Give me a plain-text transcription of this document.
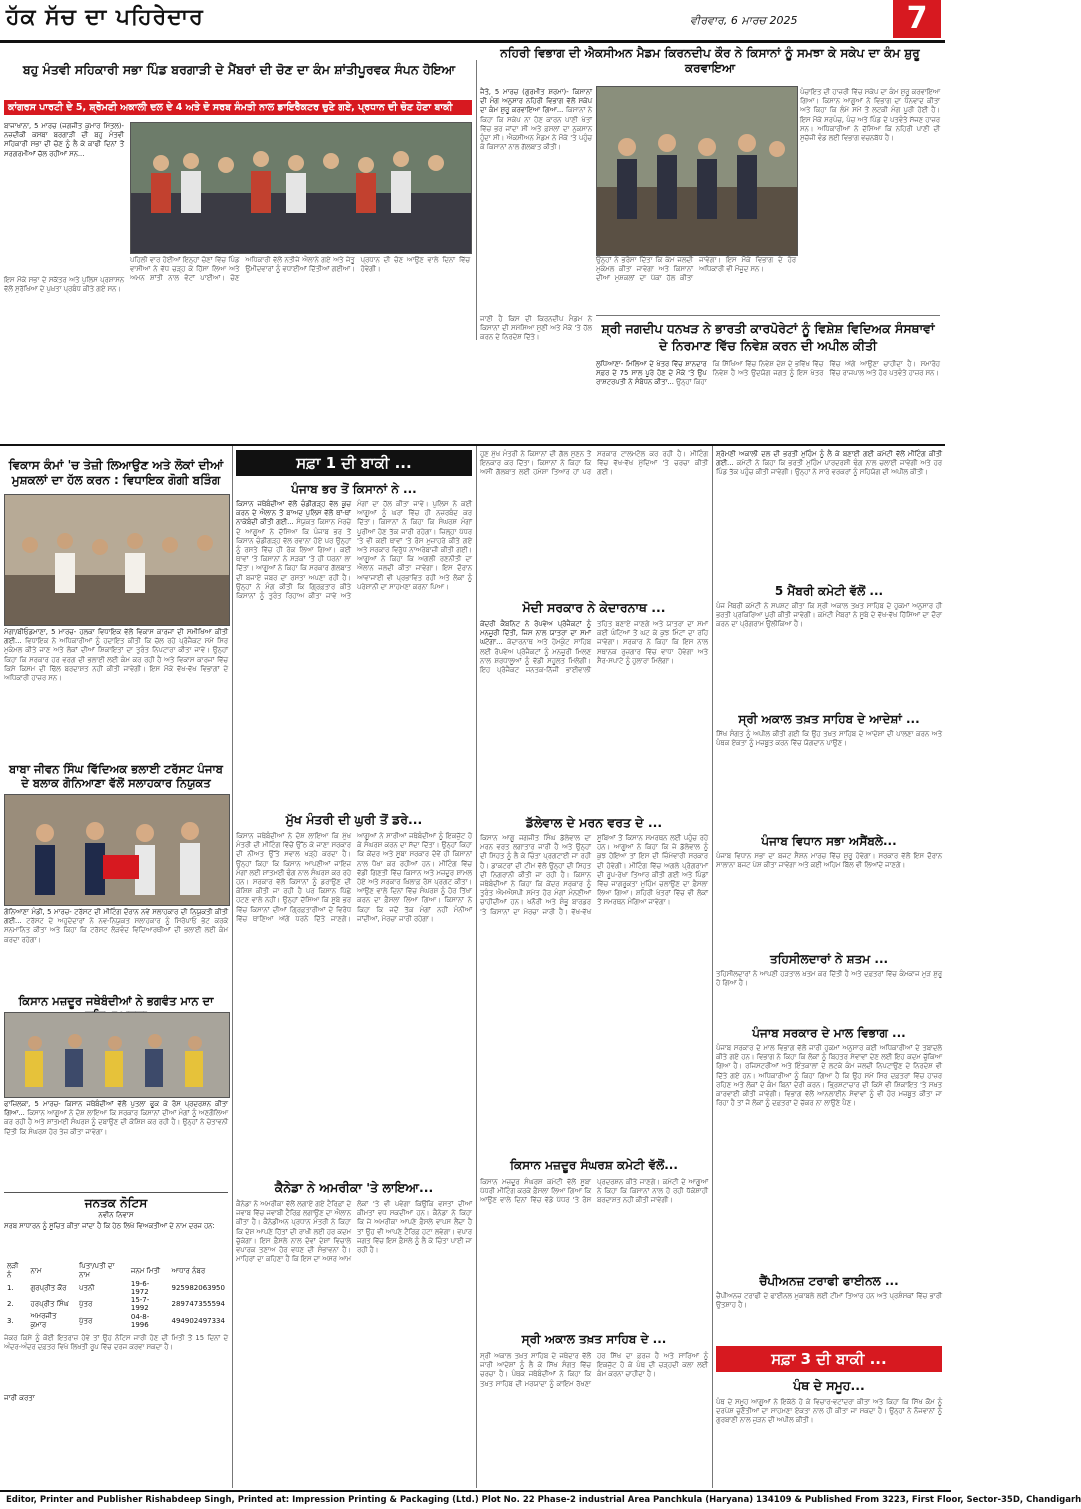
ਹੱਕ ਸੱਚ ਦਾ ਪਹਿਰੇਦਾਰ	ਵੀਰਵਾਰ, 6 ਮਾਰਚ 2025	7
ਬਹੁ ਮੰਤਵੀ ਸਹਿਕਾਰੀ ਸਭਾ ਪਿੰਡ ਬਰਗਾੜੀ ਦੇ ਮੈਂਬਰਾਂ ਦੀ ਚੋਣ ਦਾ ਕੰਮ ਸ਼ਾਂਤੀਪੂਰਵਕ ਸੰਪਨ ਹੋਇਆ
ਕਾਂਗਰਸ ਪਾਰਟੀ ਦੇ 5, ਸ਼੍ਰੋਮਣੀ ਅਕਾਲੀ ਦਲ ਦੇ 4 ਅਤੇ ਦੋ ਸਰਬ ਸੰਮਤੀ ਨਾਲ ਡਾਇਰੈਕਟਰ ਚੁਣੇ ਗਏ, ਪ੍ਰਧਾਨ ਦੀ ਚੋਣ ਹੋਣਾ ਬਾਕੀ
ਬਾਜਾਖਾਨਾ, 5 ਮਾਰਚ (ਜਗਜੀਤ ਕੁਮਾਰ ਮਿੱਤਲ)- ਨਜ਼ਦੀਕੀ ਕਸਬਾ ਬਰਗਾੜੀ ਦੀ ਬਹੁ ਮੰਤਵੀ ਸਹਿਕਾਰੀ ਸਭਾ ਦੀ ਚੋਣ ਨੂੰ ਲੈ ਕੇ ਕਾਫੀ ਦਿਨਾਂ ਤੋਂ ਸਰਗਰਮੀਆਂ ਚੱਲ ਰਹੀਆਂ ਸਨ...
ਪਹਿਲੀ ਵਾਰ ਹੋਈਆਂ ਇਨ੍ਹਾਂ ਚੋਣਾਂ ਵਿੱਚ ਪਿੰਡ ਵਾਸੀਆਂ ਨੇ ਵੱਧ ਚੜ੍ਹ ਕੇ ਹਿੱਸਾ ਲਿਆ ਅਤੇ ਅਮਨ ਸ਼ਾਂਤੀ ਨਾਲ ਵੋਟਾਂ ਪਾਈਆਂ। ਚੋਣ ਅਧਿਕਾਰੀ ਵੱਲੋਂ ਨਤੀਜੇ ਐਲਾਨੇ ਗਏ ਅਤੇ ਜੇਤੂ ਉਮੀਦਵਾਰਾਂ ਨੂੰ ਵਧਾਈਆਂ ਦਿੱਤੀਆਂ ਗਈਆਂ। ਪ੍ਰਧਾਨ ਦੀ ਚੋਣ ਆਉਣ ਵਾਲੇ ਦਿਨਾਂ ਵਿੱਚ ਹੋਵੇਗੀ।
ਇਸ ਮੌਕੇ ਸਭਾ ਦੇ ਸਕੱਤਰ ਅਤੇ ਪੁਲਿਸ ਪ੍ਰਸ਼ਾਸਨ ਵੱਲੋਂ ਸੁਰੱਖਿਆ ਦੇ ਪੁਖ਼ਤਾ ਪ੍ਰਬੰਧ ਕੀਤੇ ਗਏ ਸਨ।
ਨਹਿਰੀ ਵਿਭਾਗ ਦੀ ਐਕਸੀਅਨ ਮੈਡਮ ਕਿਰਨਦੀਪ ਕੌਰ ਨੇ ਕਿਸਾਨਾਂ ਨੂੰ ਸਮਝਾ ਕੇ ਸਕੇਪ ਦਾ ਕੰਮ ਸ਼ੁਰੂ ਕਰਵਾਇਆ
ਜੈਤੋ, 5 ਮਾਰਚ (ਗੁਰਮੀਤ ਸ਼ਰਮਾ)- ਕਿਸਾਨਾਂ ਦੀ ਮੰਗ ਅਨੁਸਾਰ ਨਹਿਰੀ ਵਿਭਾਗ ਵੱਲੋਂ ਸਕੇਪ ਦਾ ਕੰਮ ਸ਼ੁਰੂ ਕਰਵਾਇਆ ਗਿਆ... ਕਿਸਾਨਾਂ ਨੇ ਕਿਹਾ ਕਿ ਸਕੇਪ ਨਾ ਹੋਣ ਕਾਰਨ ਪਾਣੀ ਖੇਤਾਂ ਵਿੱਚ ਭਰ ਜਾਂਦਾ ਸੀ ਅਤੇ ਫ਼ਸਲਾਂ ਦਾ ਨੁਕਸਾਨ ਹੁੰਦਾ ਸੀ। ਐਕਸੀਅਨ ਮੈਡਮ ਨੇ ਮੌਕੇ 'ਤੇ ਪਹੁੰਚ ਕੇ ਕਿਸਾਨਾਂ ਨਾਲ ਗੱਲਬਾਤ ਕੀਤੀ।
ਉਨ੍ਹਾਂ ਨੇ ਭਰੋਸਾ ਦਿੱਤਾ ਕਿ ਕੰਮ ਜਲਦੀ ਮੁਕੰਮਲ ਕੀਤਾ ਜਾਵੇਗਾ ਅਤੇ ਕਿਸਾਨਾਂ ਦੀਆਂ ਮੁਸ਼ਕਲਾਂ ਦਾ ਪੱਕਾ ਹੱਲ ਕੀਤਾ ਜਾਵੇਗਾ। ਇਸ ਮੌਕੇ ਵਿਭਾਗ ਦੇ ਹੋਰ ਅਧਿਕਾਰੀ ਵੀ ਮੌਜੂਦ ਸਨ।
ਪੰਚਾਇਤ ਦੀ ਹਾਜ਼ਰੀ ਵਿੱਚ ਸਕੇਪ ਦਾ ਕੰਮ ਸ਼ੁਰੂ ਕਰਵਾਇਆ ਗਿਆ। ਕਿਸਾਨ ਆਗੂਆਂ ਨੇ ਵਿਭਾਗ ਦਾ ਧੰਨਵਾਦ ਕੀਤਾ ਅਤੇ ਕਿਹਾ ਕਿ ਲੰਮੇ ਸਮੇਂ ਤੋਂ ਲਟਕੀ ਮੰਗ ਪੂਰੀ ਹੋਈ ਹੈ। ਇਸ ਮੌਕੇ ਸਰਪੰਚ, ਪੰਚ ਅਤੇ ਪਿੰਡ ਦੇ ਪਤਵੰਤੇ ਸੱਜਣ ਹਾਜ਼ਰ ਸਨ। ਅਧਿਕਾਰੀਆਂ ਨੇ ਦੱਸਿਆ ਕਿ ਨਹਿਰੀ ਪਾਣੀ ਦੀ ਸੁਚੱਜੀ ਵੰਡ ਲਈ ਵਿਭਾਗ ਵਚਨਬੱਧ ਹੈ।
ਸ਼੍ਰੀ ਜਗਦੀਪ ਧਨਖੜ ਨੇ ਭਾਰਤੀ ਕਾਰਪੋਰੇਟਾਂ ਨੂੰ ਵਿਸ਼ੇਸ਼ ਵਿਦਿਅਕ ਸੰਸਥਾਵਾਂ ਦੇ ਨਿਰਮਾਣ ਵਿੱਚ ਨਿਵੇਸ਼ ਕਰਨ ਦੀ ਅਪੀਲ ਕੀਤੀ
ਲੁਧਿਆਣਾ- ਮਿਲਿਆ ਦੇ ਖੇਤਰ ਵਿੱਚ ਸ਼ਾਨਦਾਰ ਸਫ਼ਰ ਦੇ 75 ਸਾਲ ਪੂਰੇ ਹੋਣ ਦੇ ਮੌਕੇ 'ਤੇ ਉਪ ਰਾਸ਼ਟਰਪਤੀ ਨੇ ਸੰਬੋਧਨ ਕੀਤਾ... ਉਨ੍ਹਾਂ ਕਿਹਾ ਕਿ ਸਿੱਖਿਆ ਵਿੱਚ ਨਿਵੇਸ਼ ਦੇਸ਼ ਦੇ ਭਵਿੱਖ ਵਿੱਚ ਨਿਵੇਸ਼ ਹੈ ਅਤੇ ਉਦਯੋਗ ਜਗਤ ਨੂੰ ਇਸ ਖੇਤਰ ਵਿੱਚ ਅੱਗੇ ਆਉਣਾ ਚਾਹੀਦਾ ਹੈ। ਸਮਾਰੋਹ ਵਿੱਚ ਰਾਜਪਾਲ ਅਤੇ ਹੋਰ ਪਤਵੰਤੇ ਹਾਜ਼ਰ ਸਨ।
ਜਾਣੀ ਹੈ ਕਿਸ ਦੀ ਕਿਰਨਦੀਪ ਮੈਡਮ ਨੇ ਕਿਸਾਨਾਂ ਦੀ ਸਮੱਸਿਆ ਸੁਣੀ ਅਤੇ ਮੌਕੇ 'ਤੇ ਹੱਲ ਕਰਨ ਦੇ ਨਿਰਦੇਸ਼ ਦਿੱਤੇ।
ਵਿਕਾਸ ਕੰਮਾਂ 'ਚ ਤੇਜ਼ੀ ਲਿਆਉਣ ਅਤੇ ਲੋਕਾਂ ਦੀਆਂ ਮੁਸ਼ਕਲਾਂ ਦਾ ਹੱਲ ਕਰਨ : ਵਿਧਾਇਕ ਗੋਗੀ ਬੜਿੰਗ
ਮੋਗਾ/ਬੀਓਡਮਾਣਾ, 5 ਮਾਰਚ- ਹਲਕਾ ਵਿਧਾਇਕ ਵੱਲੋਂ ਵਿਕਾਸ ਕਾਰਜਾਂ ਦੀ ਸਮੀਖਿਆ ਕੀਤੀ ਗਈ... ਵਿਧਾਇਕ ਨੇ ਅਧਿਕਾਰੀਆਂ ਨੂੰ ਹਦਾਇਤ ਕੀਤੀ ਕਿ ਚੱਲ ਰਹੇ ਪ੍ਰੋਜੈਕਟ ਸਮੇਂ ਸਿਰ ਮੁਕੰਮਲ ਕੀਤੇ ਜਾਣ ਅਤੇ ਲੋਕਾਂ ਦੀਆਂ ਸ਼ਿਕਾਇਤਾਂ ਦਾ ਤੁਰੰਤ ਨਿਪਟਾਰਾ ਕੀਤਾ ਜਾਵੇ। ਉਨ੍ਹਾਂ ਕਿਹਾ ਕਿ ਸਰਕਾਰ ਹਰ ਵਰਗ ਦੀ ਭਲਾਈ ਲਈ ਕੰਮ ਕਰ ਰਹੀ ਹੈ ਅਤੇ ਵਿਕਾਸ ਕਾਰਜਾਂ ਵਿੱਚ ਕਿਸੇ ਕਿਸਮ ਦੀ ਢਿੱਲ ਬਰਦਾਸ਼ਤ ਨਹੀਂ ਕੀਤੀ ਜਾਵੇਗੀ। ਇਸ ਮੌਕੇ ਵੱਖ-ਵੱਖ ਵਿਭਾਗਾਂ ਦੇ ਅਧਿਕਾਰੀ ਹਾਜ਼ਰ ਸਨ।
ਬਾਬਾ ਜੀਵਨ ਸਿੰਘ ਵਿੱਦਿਅਕ ਭਲਾਈ ਟਰੱਸਟ ਪੰਜਾਬ ਦੇ ਬਲਾਕ ਗੋਨਿਆਣਾ ਵੱਲੋਂ ਸਲਾਹਕਾਰ ਨਿਯੁਕਤ
ਗੋਨਿਆਣਾ ਮੰਡੀ, 5 ਮਾਰਚ- ਟਰੱਸਟ ਦੀ ਮੀਟਿੰਗ ਦੌਰਾਨ ਨਵੇਂ ਸਲਾਹਕਾਰ ਦੀ ਨਿਯੁਕਤੀ ਕੀਤੀ ਗਈ... ਟਰੱਸਟ ਦੇ ਅਹੁਦੇਦਾਰਾਂ ਨੇ ਨਵ-ਨਿਯੁਕਤ ਸਲਾਹਕਾਰ ਨੂੰ ਸਿਰੋਪਾਓ ਭੇਟ ਕਰਕੇ ਸਨਮਾਨਿਤ ਕੀਤਾ ਅਤੇ ਕਿਹਾ ਕਿ ਟਰੱਸਟ ਲੋੜਵੰਦ ਵਿਦਿਆਰਥੀਆਂ ਦੀ ਭਲਾਈ ਲਈ ਕੰਮ ਕਰਦਾ ਰਹੇਗਾ।
ਕਿਸਾਨ ਮਜ਼ਦੂਰ ਜਥੇਬੰਦੀਆਂ ਨੇ ਭਗਵੰਤ ਮਾਨ ਦਾ
ਫਾਜ਼ਿਲਕਾ, 5 ਮਾਰਚ- ਕਿਸਾਨ ਜਥੇਬੰਦੀਆਂ ਵੱਲੋਂ ਪੁਤਲਾ ਫੂਕ ਕੇ ਰੋਸ ਪ੍ਰਦਰਸ਼ਨ ਕੀਤਾ ਗਿਆ... ਕਿਸਾਨ ਆਗੂਆਂ ਨੇ ਦੋਸ਼ ਲਾਇਆ ਕਿ ਸਰਕਾਰ ਕਿਸਾਨਾਂ ਦੀਆਂ ਮੰਗਾਂ ਨੂੰ ਅਣਗੌਲਿਆ ਕਰ ਰਹੀ ਹੈ ਅਤੇ ਸ਼ਾਂਤਮਈ ਸੰਘਰਸ਼ ਨੂੰ ਦਬਾਉਣ ਦੀ ਕੋਸ਼ਿਸ਼ ਕਰ ਰਹੀ ਹੈ। ਉਨ੍ਹਾਂ ਨੇ ਚੇਤਾਵਨੀ ਦਿੱਤੀ ਕਿ ਸੰਘਰਸ਼ ਹੋਰ ਤੇਜ਼ ਕੀਤਾ ਜਾਵੇਗਾ।
ਜਨਤਕ ਨੋਟਿਸ
ਨਵੀਨ ਨਿਵਾਸ
ਸਰਬ ਸਾਧਾਰਨ ਨੂੰ ਸੂਚਿਤ ਕੀਤਾ ਜਾਂਦਾ ਹੈ ਕਿ ਹੇਠ ਲਿਖੇ ਵਿਅਕਤੀਆਂ ਦੇ ਨਾਮ ਦਰਜ ਹਨ:
ਲੜੀ ਨੰ	ਨਾਮ	ਪਿਤਾ/ਪਤੀ ਦਾ ਨਾਮ	ਜਨਮ ਮਿਤੀ	ਆਧਾਰ ਨੰਬਰ
1.	ਗੁਰਪ੍ਰੀਤ ਕੌਰ	ਪਤਨੀ	19-6-1972	925982063950
2.	ਹਰਪ੍ਰੀਤ ਸਿੰਘ	ਪੁੱਤਰ	15-7-1992	289747355594
3.	ਅਮਰਜੀਤ ਕੁਮਾਰ	ਪੁੱਤਰ	04-8-1996	494902497334
ਜੇਕਰ ਕਿਸੇ ਨੂੰ ਕੋਈ ਇਤਰਾਜ਼ ਹੋਵੇ ਤਾਂ ਉਹ ਨੋਟਿਸ ਜਾਰੀ ਹੋਣ ਦੀ ਮਿਤੀ ਤੋਂ 15 ਦਿਨਾਂ ਦੇ ਅੰਦਰ-ਅੰਦਰ ਦਫ਼ਤਰ ਵਿਖੇ ਲਿਖਤੀ ਰੂਪ ਵਿੱਚ ਦਰਜ ਕਰਵਾ ਸਕਦਾ ਹੈ।
ਜਾਰੀ ਕਰਤਾ
ਸਫ਼ਾ 1 ਦੀ ਬਾਕੀ ...
ਪੰਜਾਬ ਭਰ ਤੋਂ ਕਿਸਾਨਾਂ ਨੇ ...
ਕਿਸਾਨ ਜਥੇਬੰਦੀਆਂ ਵੱਲੋਂ ਚੰਡੀਗੜ੍ਹ ਵੱਲ ਕੂਚ ਕਰਨ ਦੇ ਐਲਾਨ ਤੋਂ ਬਾਅਦ ਪੁਲਿਸ ਵੱਲੋਂ ਥਾਂ-ਥਾਂ ਨਾਕੇਬੰਦੀ ਕੀਤੀ ਗਈ... ਸੰਯੁਕਤ ਕਿਸਾਨ ਮੋਰਚੇ ਦੇ ਆਗੂਆਂ ਨੇ ਦੱਸਿਆ ਕਿ ਪੰਜਾਬ ਭਰ ਤੋਂ ਕਿਸਾਨ ਚੰਡੀਗੜ੍ਹ ਵੱਲ ਰਵਾਨਾ ਹੋਏ ਪਰ ਉਨ੍ਹਾਂ ਨੂੰ ਰਸਤੇ ਵਿੱਚ ਹੀ ਰੋਕ ਲਿਆ ਗਿਆ। ਕਈ ਥਾਵਾਂ 'ਤੇ ਕਿਸਾਨਾਂ ਨੇ ਸੜਕਾਂ 'ਤੇ ਹੀ ਧਰਨਾ ਲਾ ਦਿੱਤਾ। ਆਗੂਆਂ ਨੇ ਕਿਹਾ ਕਿ ਸਰਕਾਰ ਗੱਲਬਾਤ ਦੀ ਬਜਾਏ ਜਬਰ ਦਾ ਰਸਤਾ ਅਪਣਾ ਰਹੀ ਹੈ। ਉਨ੍ਹਾਂ ਨੇ ਮੰਗ ਕੀਤੀ ਕਿ ਗ੍ਰਿਫ਼ਤਾਰ ਕੀਤੇ ਕਿਸਾਨਾਂ ਨੂੰ ਤੁਰੰਤ ਰਿਹਾਅ ਕੀਤਾ ਜਾਵੇ ਅਤੇ ਮੰਗਾਂ ਦਾ ਹੱਲ ਕੀਤਾ ਜਾਵੇ। ਪੁਲਿਸ ਨੇ ਕਈ ਆਗੂਆਂ ਨੂੰ ਘਰਾਂ ਵਿੱਚ ਹੀ ਨਜ਼ਰਬੰਦ ਕਰ ਦਿੱਤਾ। ਕਿਸਾਨਾਂ ਨੇ ਕਿਹਾ ਕਿ ਸੰਘਰਸ਼ ਮੰਗਾਂ ਪੂਰੀਆਂ ਹੋਣ ਤੱਕ ਜਾਰੀ ਰਹੇਗਾ। ਜ਼ਿਲ੍ਹਾ ਪੱਧਰ 'ਤੇ ਵੀ ਕਈ ਥਾਵਾਂ 'ਤੇ ਰੋਸ ਮੁਜ਼ਾਹਰੇ ਕੀਤੇ ਗਏ ਅਤੇ ਸਰਕਾਰ ਵਿਰੁੱਧ ਨਾਅਰੇਬਾਜ਼ੀ ਕੀਤੀ ਗਈ। ਆਗੂਆਂ ਨੇ ਕਿਹਾ ਕਿ ਅਗਲੀ ਰਣਨੀਤੀ ਦਾ ਐਲਾਨ ਜਲਦੀ ਕੀਤਾ ਜਾਵੇਗਾ। ਇਸ ਦੌਰਾਨ ਆਵਾਜਾਈ ਵੀ ਪ੍ਰਭਾਵਿਤ ਰਹੀ ਅਤੇ ਲੋਕਾਂ ਨੂੰ ਪਰੇਸ਼ਾਨੀ ਦਾ ਸਾਹਮਣਾ ਕਰਨਾ ਪਿਆ।
ਮੁੱਖ ਮੰਤਰੀ ਦੀ ਘੁਰੀ ਤੋਂ ਡਰੇ...
ਕਿਸਾਨ ਜਥੇਬੰਦੀਆਂ ਨੇ ਦੋਸ਼ ਲਾਇਆ ਕਿ ਮੁੱਖ ਮੰਤਰੀ ਦੀ ਮੀਟਿੰਗ ਵਿੱਚੋਂ ਉੱਠ ਕੇ ਜਾਣਾ ਸਰਕਾਰ ਦੀ ਨੀਅਤ ਉੱਤੇ ਸਵਾਲ ਖੜ੍ਹੇ ਕਰਦਾ ਹੈ। ਉਨ੍ਹਾਂ ਕਿਹਾ ਕਿ ਕਿਸਾਨ ਆਪਣੀਆਂ ਜਾਇਜ਼ ਮੰਗਾਂ ਲਈ ਸ਼ਾਂਤਮਈ ਢੰਗ ਨਾਲ ਸੰਘਰਸ਼ ਕਰ ਰਹੇ ਹਨ। ਸਰਕਾਰ ਵੱਲੋਂ ਕਿਸਾਨਾਂ ਨੂੰ ਡਰਾਉਣ ਦੀ ਕੋਸ਼ਿਸ਼ ਕੀਤੀ ਜਾ ਰਹੀ ਹੈ ਪਰ ਕਿਸਾਨ ਪਿੱਛੇ ਹਟਣ ਵਾਲੇ ਨਹੀਂ। ਉਨ੍ਹਾਂ ਦੱਸਿਆ ਕਿ ਸੂਬੇ ਭਰ ਵਿੱਚ ਕਿਸਾਨਾਂ ਦੀਆਂ ਗ੍ਰਿਫ਼ਤਾਰੀਆਂ ਦੇ ਵਿਰੋਧ ਵਿੱਚ ਥਾਣਿਆਂ ਅੱਗੇ ਧਰਨੇ ਦਿੱਤੇ ਜਾਣਗੇ। ਆਗੂਆਂ ਨੇ ਸਾਰੀਆਂ ਜਥੇਬੰਦੀਆਂ ਨੂੰ ਇਕਜੁੱਟ ਹੋ ਕੇ ਸੰਘਰਸ਼ ਕਰਨ ਦਾ ਸੱਦਾ ਦਿੱਤਾ। ਉਨ੍ਹਾਂ ਕਿਹਾ ਕਿ ਕੇਂਦਰ ਅਤੇ ਸੂਬਾ ਸਰਕਾਰ ਦੋਵੇਂ ਹੀ ਕਿਸਾਨਾਂ ਨਾਲ ਧੋਖਾ ਕਰ ਰਹੀਆਂ ਹਨ। ਮੀਟਿੰਗ ਵਿੱਚ ਵੱਡੀ ਗਿਣਤੀ ਵਿੱਚ ਕਿਸਾਨ ਅਤੇ ਮਜ਼ਦੂਰ ਸ਼ਾਮਲ ਹੋਏ ਅਤੇ ਸਰਕਾਰ ਖ਼ਿਲਾਫ਼ ਰੋਸ ਪ੍ਰਗਟ ਕੀਤਾ। ਆਉਣ ਵਾਲੇ ਦਿਨਾਂ ਵਿੱਚ ਸੰਘਰਸ਼ ਨੂੰ ਹੋਰ ਤਿੱਖਾ ਕਰਨ ਦਾ ਫ਼ੈਸਲਾ ਲਿਆ ਗਿਆ। ਕਿਸਾਨਾਂ ਨੇ ਕਿਹਾ ਕਿ ਜਦੋਂ ਤੱਕ ਮੰਗਾਂ ਨਹੀਂ ਮੰਨੀਆਂ ਜਾਂਦੀਆਂ, ਮੋਰਚਾ ਜਾਰੀ ਰਹੇਗਾ।
ਕੈਨੇਡਾ ਨੇ ਅਮਰੀਕਾ 'ਤੇ ਲਾਇਆ...
ਕੈਨੇਡਾ ਨੇ ਅਮਰੀਕਾ ਵੱਲੋਂ ਲਗਾਏ ਗਏ ਟੈਰਿਫ਼ਾਂ ਦੇ ਜਵਾਬ ਵਿੱਚ ਜਵਾਬੀ ਟੈਰਿਫ਼ ਲਗਾਉਣ ਦਾ ਐਲਾਨ ਕੀਤਾ ਹੈ। ਕੈਨੇਡੀਅਨ ਪ੍ਰਧਾਨ ਮੰਤਰੀ ਨੇ ਕਿਹਾ ਕਿ ਦੇਸ਼ ਆਪਣੇ ਹਿੱਤਾਂ ਦੀ ਰਾਖੀ ਲਈ ਹਰ ਕਦਮ ਚੁੱਕੇਗਾ। ਇਸ ਫ਼ੈਸਲੇ ਨਾਲ ਦੋਵਾਂ ਦੇਸ਼ਾਂ ਵਿਚਾਲੇ ਵਪਾਰਕ ਤਣਾਅ ਹੋਰ ਵਧਣ ਦੀ ਸੰਭਾਵਨਾ ਹੈ। ਮਾਹਿਰਾਂ ਦਾ ਕਹਿਣਾ ਹੈ ਕਿ ਇਸ ਦਾ ਅਸਰ ਆਮ ਲੋਕਾਂ 'ਤੇ ਵੀ ਪਵੇਗਾ ਕਿਉਂਕਿ ਵਸਤਾਂ ਦੀਆਂ ਕੀਮਤਾਂ ਵਧ ਸਕਦੀਆਂ ਹਨ। ਕੈਨੇਡਾ ਨੇ ਕਿਹਾ ਕਿ ਜੇ ਅਮਰੀਕਾ ਆਪਣੇ ਫ਼ੈਸਲੇ ਵਾਪਸ ਲੈਂਦਾ ਹੈ ਤਾਂ ਉਹ ਵੀ ਆਪਣੇ ਟੈਰਿਫ਼ ਹਟਾ ਲਵੇਗਾ। ਵਪਾਰ ਜਗਤ ਵਿੱਚ ਇਸ ਫ਼ੈਸਲੇ ਨੂੰ ਲੈ ਕੇ ਚਿੰਤਾ ਪਾਈ ਜਾ ਰਹੀ ਹੈ।
ਹੁਣ ਮੁੱਖ ਮੰਤਰੀ ਨੇ ਕਿਸਾਨਾਂ ਦੀ ਗੱਲ ਸੁਣਨ ਤੋਂ ਇਨਕਾਰ ਕਰ ਦਿੱਤਾ। ਕਿਸਾਨਾਂ ਨੇ ਕਿਹਾ ਕਿ ਅਸੀਂ ਗੱਲਬਾਤ ਲਈ ਹਮੇਸ਼ਾ ਤਿਆਰ ਹਾਂ ਪਰ ਸਰਕਾਰ ਟਾਲਮਟੋਲ ਕਰ ਰਹੀ ਹੈ। ਮੀਟਿੰਗ ਵਿੱਚ ਵੱਖ-ਵੱਖ ਮੁੱਦਿਆਂ 'ਤੇ ਚਰਚਾ ਕੀਤੀ ਗਈ।
ਮੋਦੀ ਸਰਕਾਰ ਨੇ ਕੇਦਾਰਨਾਥ ...
ਕੇਂਦਰੀ ਕੈਬਨਿਟ ਨੇ ਰੋਪਵੇਅ ਪ੍ਰੋਜੈਕਟਾਂ ਨੂੰ ਮਨਜ਼ੂਰੀ ਦਿੱਤੀ, ਜਿਸ ਨਾਲ ਯਾਤਰਾ ਦਾ ਸਮਾਂ ਘਟੇਗਾ... ਕੇਦਾਰਨਾਥ ਅਤੇ ਹੇਮਕੁੰਟ ਸਾਹਿਬ ਲਈ ਰੋਪਵੇਅ ਪ੍ਰੋਜੈਕਟਾਂ ਨੂੰ ਮਨਜ਼ੂਰੀ ਮਿਲਣ ਨਾਲ ਸ਼ਰਧਾਲੂਆਂ ਨੂੰ ਵੱਡੀ ਸਹੂਲਤ ਮਿਲੇਗੀ। ਇਹ ਪ੍ਰੋਜੈਕਟ ਜਨਤਕ-ਨਿੱਜੀ ਭਾਈਵਾਲੀ ਤਹਿਤ ਬਣਾਏ ਜਾਣਗੇ ਅਤੇ ਯਾਤਰਾ ਦਾ ਸਮਾਂ ਕਈ ਘੰਟਿਆਂ ਤੋਂ ਘਟ ਕੇ ਕੁਝ ਮਿੰਟਾਂ ਦਾ ਰਹਿ ਜਾਵੇਗਾ। ਸਰਕਾਰ ਨੇ ਕਿਹਾ ਕਿ ਇਸ ਨਾਲ ਸਥਾਨਕ ਰੁਜ਼ਗਾਰ ਵਿੱਚ ਵਾਧਾ ਹੋਵੇਗਾ ਅਤੇ ਸੈਰ-ਸਪਾਟੇ ਨੂੰ ਹੁਲਾਰਾ ਮਿਲੇਗਾ।
ਡੱਲੇਵਾਲ ਦੇ ਮਰਨ ਵਰਤ ਦੇ ...
ਕਿਸਾਨ ਆਗੂ ਜਗਜੀਤ ਸਿੰਘ ਡੱਲੇਵਾਲ ਦਾ ਮਰਨ ਵਰਤ ਲਗਾਤਾਰ ਜਾਰੀ ਹੈ ਅਤੇ ਉਨ੍ਹਾਂ ਦੀ ਸਿਹਤ ਨੂੰ ਲੈ ਕੇ ਚਿੰਤਾ ਪ੍ਰਗਟਾਈ ਜਾ ਰਹੀ ਹੈ। ਡਾਕਟਰਾਂ ਦੀ ਟੀਮ ਵੱਲੋਂ ਉਨ੍ਹਾਂ ਦੀ ਸਿਹਤ ਦੀ ਨਿਗਰਾਨੀ ਕੀਤੀ ਜਾ ਰਹੀ ਹੈ। ਕਿਸਾਨ ਜਥੇਬੰਦੀਆਂ ਨੇ ਕਿਹਾ ਕਿ ਕੇਂਦਰ ਸਰਕਾਰ ਨੂੰ ਤੁਰੰਤ ਐਮਐਸਪੀ ਸਮੇਤ ਹੋਰ ਮੰਗਾਂ ਮੰਨਣੀਆਂ ਚਾਹੀਦੀਆਂ ਹਨ। ਖਨੌਰੀ ਅਤੇ ਸ਼ੰਭੂ ਬਾਰਡਰ 'ਤੇ ਕਿਸਾਨਾਂ ਦਾ ਮੋਰਚਾ ਜਾਰੀ ਹੈ। ਵੱਖ-ਵੱਖ ਸੂਬਿਆਂ ਤੋਂ ਕਿਸਾਨ ਸਮਰਥਨ ਲਈ ਪਹੁੰਚ ਰਹੇ ਹਨ। ਆਗੂਆਂ ਨੇ ਕਿਹਾ ਕਿ ਜੇ ਡੱਲੇਵਾਲ ਨੂੰ ਕੁਝ ਹੋਇਆ ਤਾਂ ਇਸ ਦੀ ਜ਼ਿੰਮੇਵਾਰੀ ਸਰਕਾਰ ਦੀ ਹੋਵੇਗੀ। ਮੀਟਿੰਗ ਵਿੱਚ ਅਗਲੇ ਪ੍ਰੋਗਰਾਮਾਂ ਦੀ ਰੂਪ-ਰੇਖਾ ਤਿਆਰ ਕੀਤੀ ਗਈ ਅਤੇ ਪਿੰਡਾਂ ਵਿੱਚ ਜਾਗਰੂਕਤਾ ਮੁਹਿੰਮ ਚਲਾਉਣ ਦਾ ਫ਼ੈਸਲਾ ਲਿਆ ਗਿਆ। ਸ਼ਹਿਰੀ ਖੇਤਰਾਂ ਵਿੱਚ ਵੀ ਲੋਕਾਂ ਤੋਂ ਸਮਰਥਨ ਮੰਗਿਆ ਜਾਵੇਗਾ।
ਕਿਸਾਨ ਮਜ਼ਦੂਰ ਸੰਘਰਸ਼ ਕਮੇਟੀ ਵੱਲੋਂ...
ਕਿਸਾਨ ਮਜ਼ਦੂਰ ਸੰਘਰਸ਼ ਕਮੇਟੀ ਵੱਲੋਂ ਸੂਬਾ ਪੱਧਰੀ ਮੀਟਿੰਗ ਕਰਕੇ ਫ਼ੈਸਲਾ ਲਿਆ ਗਿਆ ਕਿ ਆਉਣ ਵਾਲੇ ਦਿਨਾਂ ਵਿੱਚ ਵੱਡੇ ਪੱਧਰ 'ਤੇ ਰੋਸ ਪ੍ਰਦਰਸ਼ਨ ਕੀਤੇ ਜਾਣਗੇ। ਕਮੇਟੀ ਦੇ ਆਗੂਆਂ ਨੇ ਕਿਹਾ ਕਿ ਕਿਸਾਨਾਂ ਨਾਲ ਹੋ ਰਹੀ ਧੱਕੇਸ਼ਾਹੀ ਬਰਦਾਸ਼ਤ ਨਹੀਂ ਕੀਤੀ ਜਾਵੇਗੀ।
ਸ੍ਰੀ ਅਕਾਲ ਤਖ਼ਤ ਸਾਹਿਬ ਦੇ ...
ਸ੍ਰੀ ਅਕਾਲ ਤਖ਼ਤ ਸਾਹਿਬ ਦੇ ਜਥੇਦਾਰ ਵੱਲੋਂ ਜਾਰੀ ਆਦੇਸ਼ਾਂ ਨੂੰ ਲੈ ਕੇ ਸਿੱਖ ਸੰਗਤ ਵਿੱਚ ਚਰਚਾ ਹੈ। ਪੰਥਕ ਜਥੇਬੰਦੀਆਂ ਨੇ ਕਿਹਾ ਕਿ ਤਖ਼ਤ ਸਾਹਿਬ ਦੀ ਮਰਯਾਦਾ ਨੂੰ ਕਾਇਮ ਰੱਖਣਾ ਹਰ ਸਿੱਖ ਦਾ ਫ਼ਰਜ਼ ਹੈ ਅਤੇ ਸਾਰਿਆਂ ਨੂੰ ਇਕਜੁੱਟ ਹੋ ਕੇ ਪੰਥ ਦੀ ਚੜ੍ਹਦੀ ਕਲਾ ਲਈ ਕੰਮ ਕਰਨਾ ਚਾਹੀਦਾ ਹੈ।
ਸ਼੍ਰੋਮਣੀ ਅਕਾਲੀ ਦਲ ਦੀ ਭਰਤੀ ਮੁਹਿੰਮ ਨੂੰ ਲੈ ਕੇ ਬਣਾਈ ਗਈ ਕਮੇਟੀ ਵੱਲੋਂ ਮੀਟਿੰਗ ਕੀਤੀ ਗਈ... ਕਮੇਟੀ ਨੇ ਕਿਹਾ ਕਿ ਭਰਤੀ ਮੁਹਿੰਮ ਪਾਰਦਰਸ਼ੀ ਢੰਗ ਨਾਲ ਚਲਾਈ ਜਾਵੇਗੀ ਅਤੇ ਹਰ ਪਿੰਡ ਤੱਕ ਪਹੁੰਚ ਕੀਤੀ ਜਾਵੇਗੀ। ਉਨ੍ਹਾਂ ਨੇ ਸਾਰੇ ਵਰਕਰਾਂ ਨੂੰ ਸਹਿਯੋਗ ਦੀ ਅਪੀਲ ਕੀਤੀ।
5 ਮੈਂਬਰੀ ਕਮੇਟੀ ਵੱਲੋਂ ...
ਪੰਜ ਮੈਂਬਰੀ ਕਮੇਟੀ ਨੇ ਸਪਸ਼ਟ ਕੀਤਾ ਕਿ ਸ੍ਰੀ ਅਕਾਲ ਤਖ਼ਤ ਸਾਹਿਬ ਦੇ ਹੁਕਮਾਂ ਅਨੁਸਾਰ ਹੀ ਭਰਤੀ ਪ੍ਰਕਿਰਿਆ ਪੂਰੀ ਕੀਤੀ ਜਾਵੇਗੀ। ਕਮੇਟੀ ਮੈਂਬਰਾਂ ਨੇ ਸੂਬੇ ਦੇ ਵੱਖ-ਵੱਖ ਹਿੱਸਿਆਂ ਦਾ ਦੌਰਾ ਕਰਨ ਦਾ ਪ੍ਰੋਗਰਾਮ ਉਲੀਕਿਆ ਹੈ।
ਸ੍ਰੀ ਅਕਾਲ ਤਖ਼ਤ ਸਾਹਿਬ ਦੇ ਆਦੇਸ਼ਾਂ ...
ਸਿੱਖ ਸੰਗਤ ਨੂੰ ਅਪੀਲ ਕੀਤੀ ਗਈ ਕਿ ਉਹ ਤਖ਼ਤ ਸਾਹਿਬ ਦੇ ਆਦੇਸ਼ਾਂ ਦੀ ਪਾਲਣਾ ਕਰਨ ਅਤੇ ਪੰਥਕ ਏਕਤਾ ਨੂੰ ਮਜ਼ਬੂਤ ਕਰਨ ਵਿੱਚ ਯੋਗਦਾਨ ਪਾਉਣ।
ਪੰਜਾਬ ਵਿਧਾਨ ਸਭਾ ਅਸੈਂਬਲੇ...
ਪੰਜਾਬ ਵਿਧਾਨ ਸਭਾ ਦਾ ਬਜਟ ਸੈਸ਼ਨ ਮਾਰਚ ਵਿੱਚ ਸ਼ੁਰੂ ਹੋਵੇਗਾ। ਸਰਕਾਰ ਵੱਲੋਂ ਇਸ ਦੌਰਾਨ ਸਾਲਾਨਾ ਬਜਟ ਪੇਸ਼ ਕੀਤਾ ਜਾਵੇਗਾ ਅਤੇ ਕਈ ਅਹਿਮ ਬਿੱਲ ਵੀ ਲਿਆਂਦੇ ਜਾਣਗੇ।
ਤਹਿਸੀਲਦਾਰਾਂ ਨੇ ਸ਼ਤਮ ...
ਤਹਿਸੀਲਦਾਰਾਂ ਨੇ ਆਪਣੀ ਹੜਤਾਲ ਖ਼ਤਮ ਕਰ ਦਿੱਤੀ ਹੈ ਅਤੇ ਦਫ਼ਤਰਾਂ ਵਿੱਚ ਕੰਮਕਾਜ ਮੁੜ ਸ਼ੁਰੂ ਹੋ ਗਿਆ ਹੈ।
ਪੰਜਾਬ ਸਰਕਾਰ ਦੇ ਮਾਲ ਵਿਭਾਗ ...
ਪੰਜਾਬ ਸਰਕਾਰ ਦੇ ਮਾਲ ਵਿਭਾਗ ਵੱਲੋਂ ਜਾਰੀ ਹੁਕਮਾਂ ਅਨੁਸਾਰ ਕਈ ਅਧਿਕਾਰੀਆਂ ਦੇ ਤਬਾਦਲੇ ਕੀਤੇ ਗਏ ਹਨ। ਵਿਭਾਗ ਨੇ ਕਿਹਾ ਕਿ ਲੋਕਾਂ ਨੂੰ ਬਿਹਤਰ ਸੇਵਾਵਾਂ ਦੇਣ ਲਈ ਇਹ ਕਦਮ ਚੁੱਕਿਆ ਗਿਆ ਹੈ। ਰਜਿਸਟਰੀਆਂ ਅਤੇ ਇੰਤਕਾਲਾਂ ਦੇ ਲਟਕੇ ਕੰਮ ਜਲਦੀ ਨਿਪਟਾਉਣ ਦੇ ਨਿਰਦੇਸ਼ ਵੀ ਦਿੱਤੇ ਗਏ ਹਨ। ਅਧਿਕਾਰੀਆਂ ਨੂੰ ਕਿਹਾ ਗਿਆ ਹੈ ਕਿ ਉਹ ਸਮੇਂ ਸਿਰ ਦਫ਼ਤਰਾਂ ਵਿੱਚ ਹਾਜ਼ਰ ਰਹਿਣ ਅਤੇ ਲੋਕਾਂ ਦੇ ਕੰਮ ਬਿਨਾਂ ਦੇਰੀ ਕਰਨ। ਭ੍ਰਿਸ਼ਟਾਚਾਰ ਦੀ ਕਿਸੇ ਵੀ ਸ਼ਿਕਾਇਤ 'ਤੇ ਸਖ਼ਤ ਕਾਰਵਾਈ ਕੀਤੀ ਜਾਵੇਗੀ। ਵਿਭਾਗ ਵੱਲੋਂ ਆਨਲਾਈਨ ਸੇਵਾਵਾਂ ਨੂੰ ਵੀ ਹੋਰ ਮਜ਼ਬੂਤ ਕੀਤਾ ਜਾ ਰਿਹਾ ਹੈ ਤਾਂ ਜੋ ਲੋਕਾਂ ਨੂੰ ਦਫ਼ਤਰਾਂ ਦੇ ਚੱਕਰ ਨਾ ਲਾਉਣੇ ਪੈਣ।
ਚੈਂਪੀਅਨਜ਼ ਟਰਾਫੀ ਫਾਈਨਲ ...
ਚੈਂਪੀਅਨਜ਼ ਟਰਾਫੀ ਦੇ ਫਾਈਨਲ ਮੁਕਾਬਲੇ ਲਈ ਟੀਮਾਂ ਤਿਆਰ ਹਨ ਅਤੇ ਪ੍ਰਸ਼ੰਸਕਾਂ ਵਿੱਚ ਭਾਰੀ ਉਤਸ਼ਾਹ ਹੈ।
ਸਫ਼ਾ 3 ਦੀ ਬਾਕੀ ...
ਪੰਥ ਦੇ ਸਮੂਹ...
ਪੰਥ ਦੇ ਸਮੂਹ ਆਗੂਆਂ ਨੇ ਇਕੱਠੇ ਹੋ ਕੇ ਵਿਚਾਰ-ਵਟਾਂਦਰਾ ਕੀਤਾ ਅਤੇ ਕਿਹਾ ਕਿ ਸਿੱਖ ਕੌਮ ਨੂੰ ਦਰਪੇਸ਼ ਚੁਣੌਤੀਆਂ ਦਾ ਸਾਹਮਣਾ ਏਕਤਾ ਨਾਲ ਹੀ ਕੀਤਾ ਜਾ ਸਕਦਾ ਹੈ। ਉਨ੍ਹਾਂ ਨੇ ਨੌਜਵਾਨਾਂ ਨੂੰ ਗੁਰਬਾਣੀ ਨਾਲ ਜੁੜਨ ਦੀ ਅਪੀਲ ਕੀਤੀ।
Editor, Printer and Publisher Rishabdeep Singh, Printed at: Impression Printing & Packaging (Ltd.) Plot No. 22 Phase-2 industrial Area Panchkula (Haryana) 134109 & Published From 3223, First Floor, Sector-35D, Chandigarh
